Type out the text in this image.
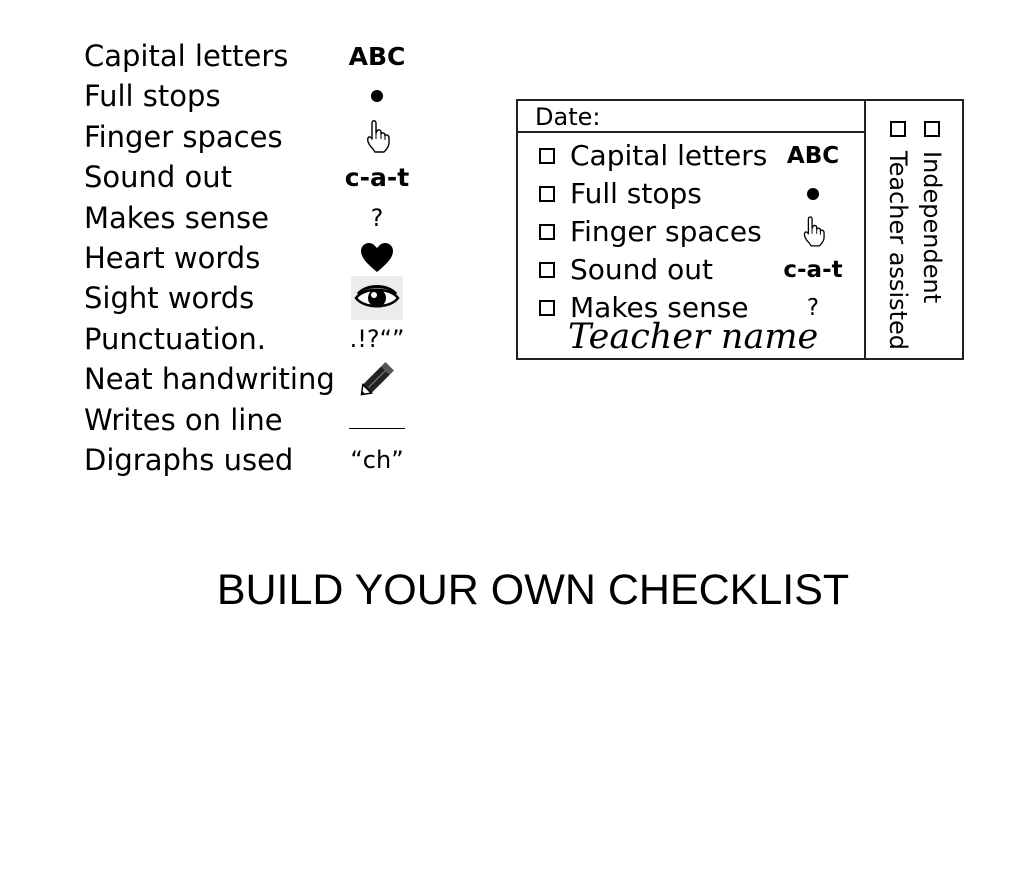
Capital letters ABC
Full stops
Finger spaces
Sound out	c-a-t
Makes sense	?
Heart words
Sight words
Punctuation.	.!?“”
Neat handwriting
Writes on line
Digraphs used	“ch”
Date:
Capital letters ABC
Full stops
Finger spaces
Sound out	c-a-t
Makes sense	?
Teacher name	Teacher assisted Independent
BUILD YOUR OWN CHECKLIST
